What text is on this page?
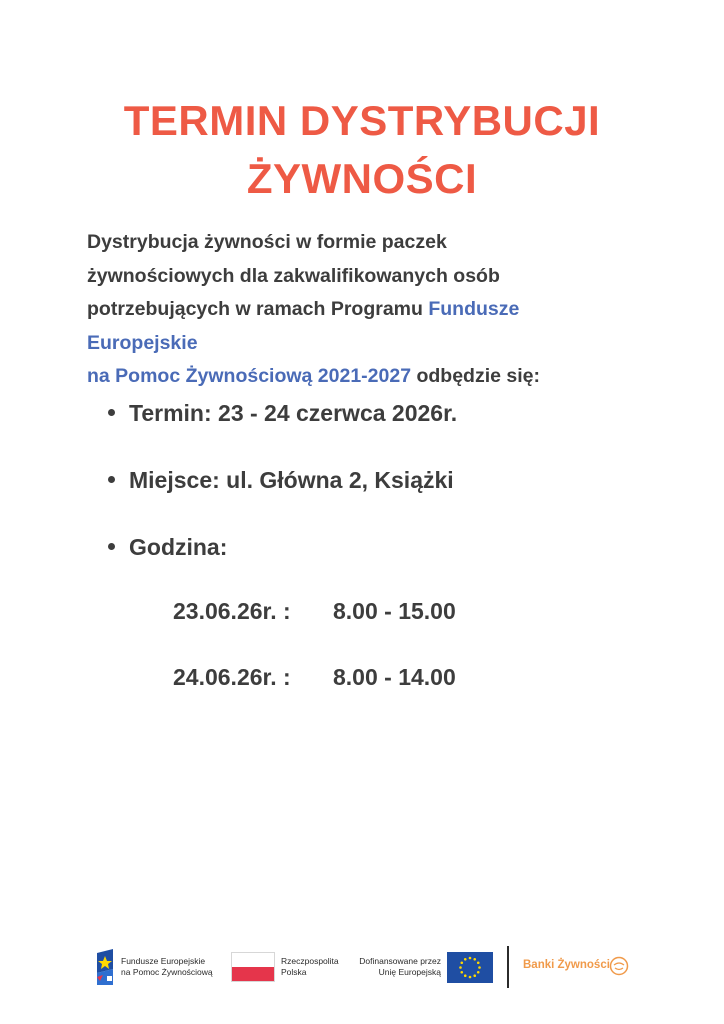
TERMIN DYSTRYBUCJI
ŻYWNOŚCI
Dystrybucja żywności w formie paczek
żywnościowych dla zakwalifikowanych osób
potrzebujących w ramach Programu Fundusze
Europejskie
na Pomoc Żywnościową 2021-2027 odbędzie się:
Termin: 23 - 24 czerwca 2026r.
Miejsce: ul. Główna 2, Książki
Godzina:
23.06.26r. : 8.00 - 15.00
24.06.26r. : 8.00 - 14.00
Fundusze Europejskie
na Pomoc Żywnościową
Rzeczpospolita
Polska
Dofinansowane przez
Unię Europejską
Banki Żywności
